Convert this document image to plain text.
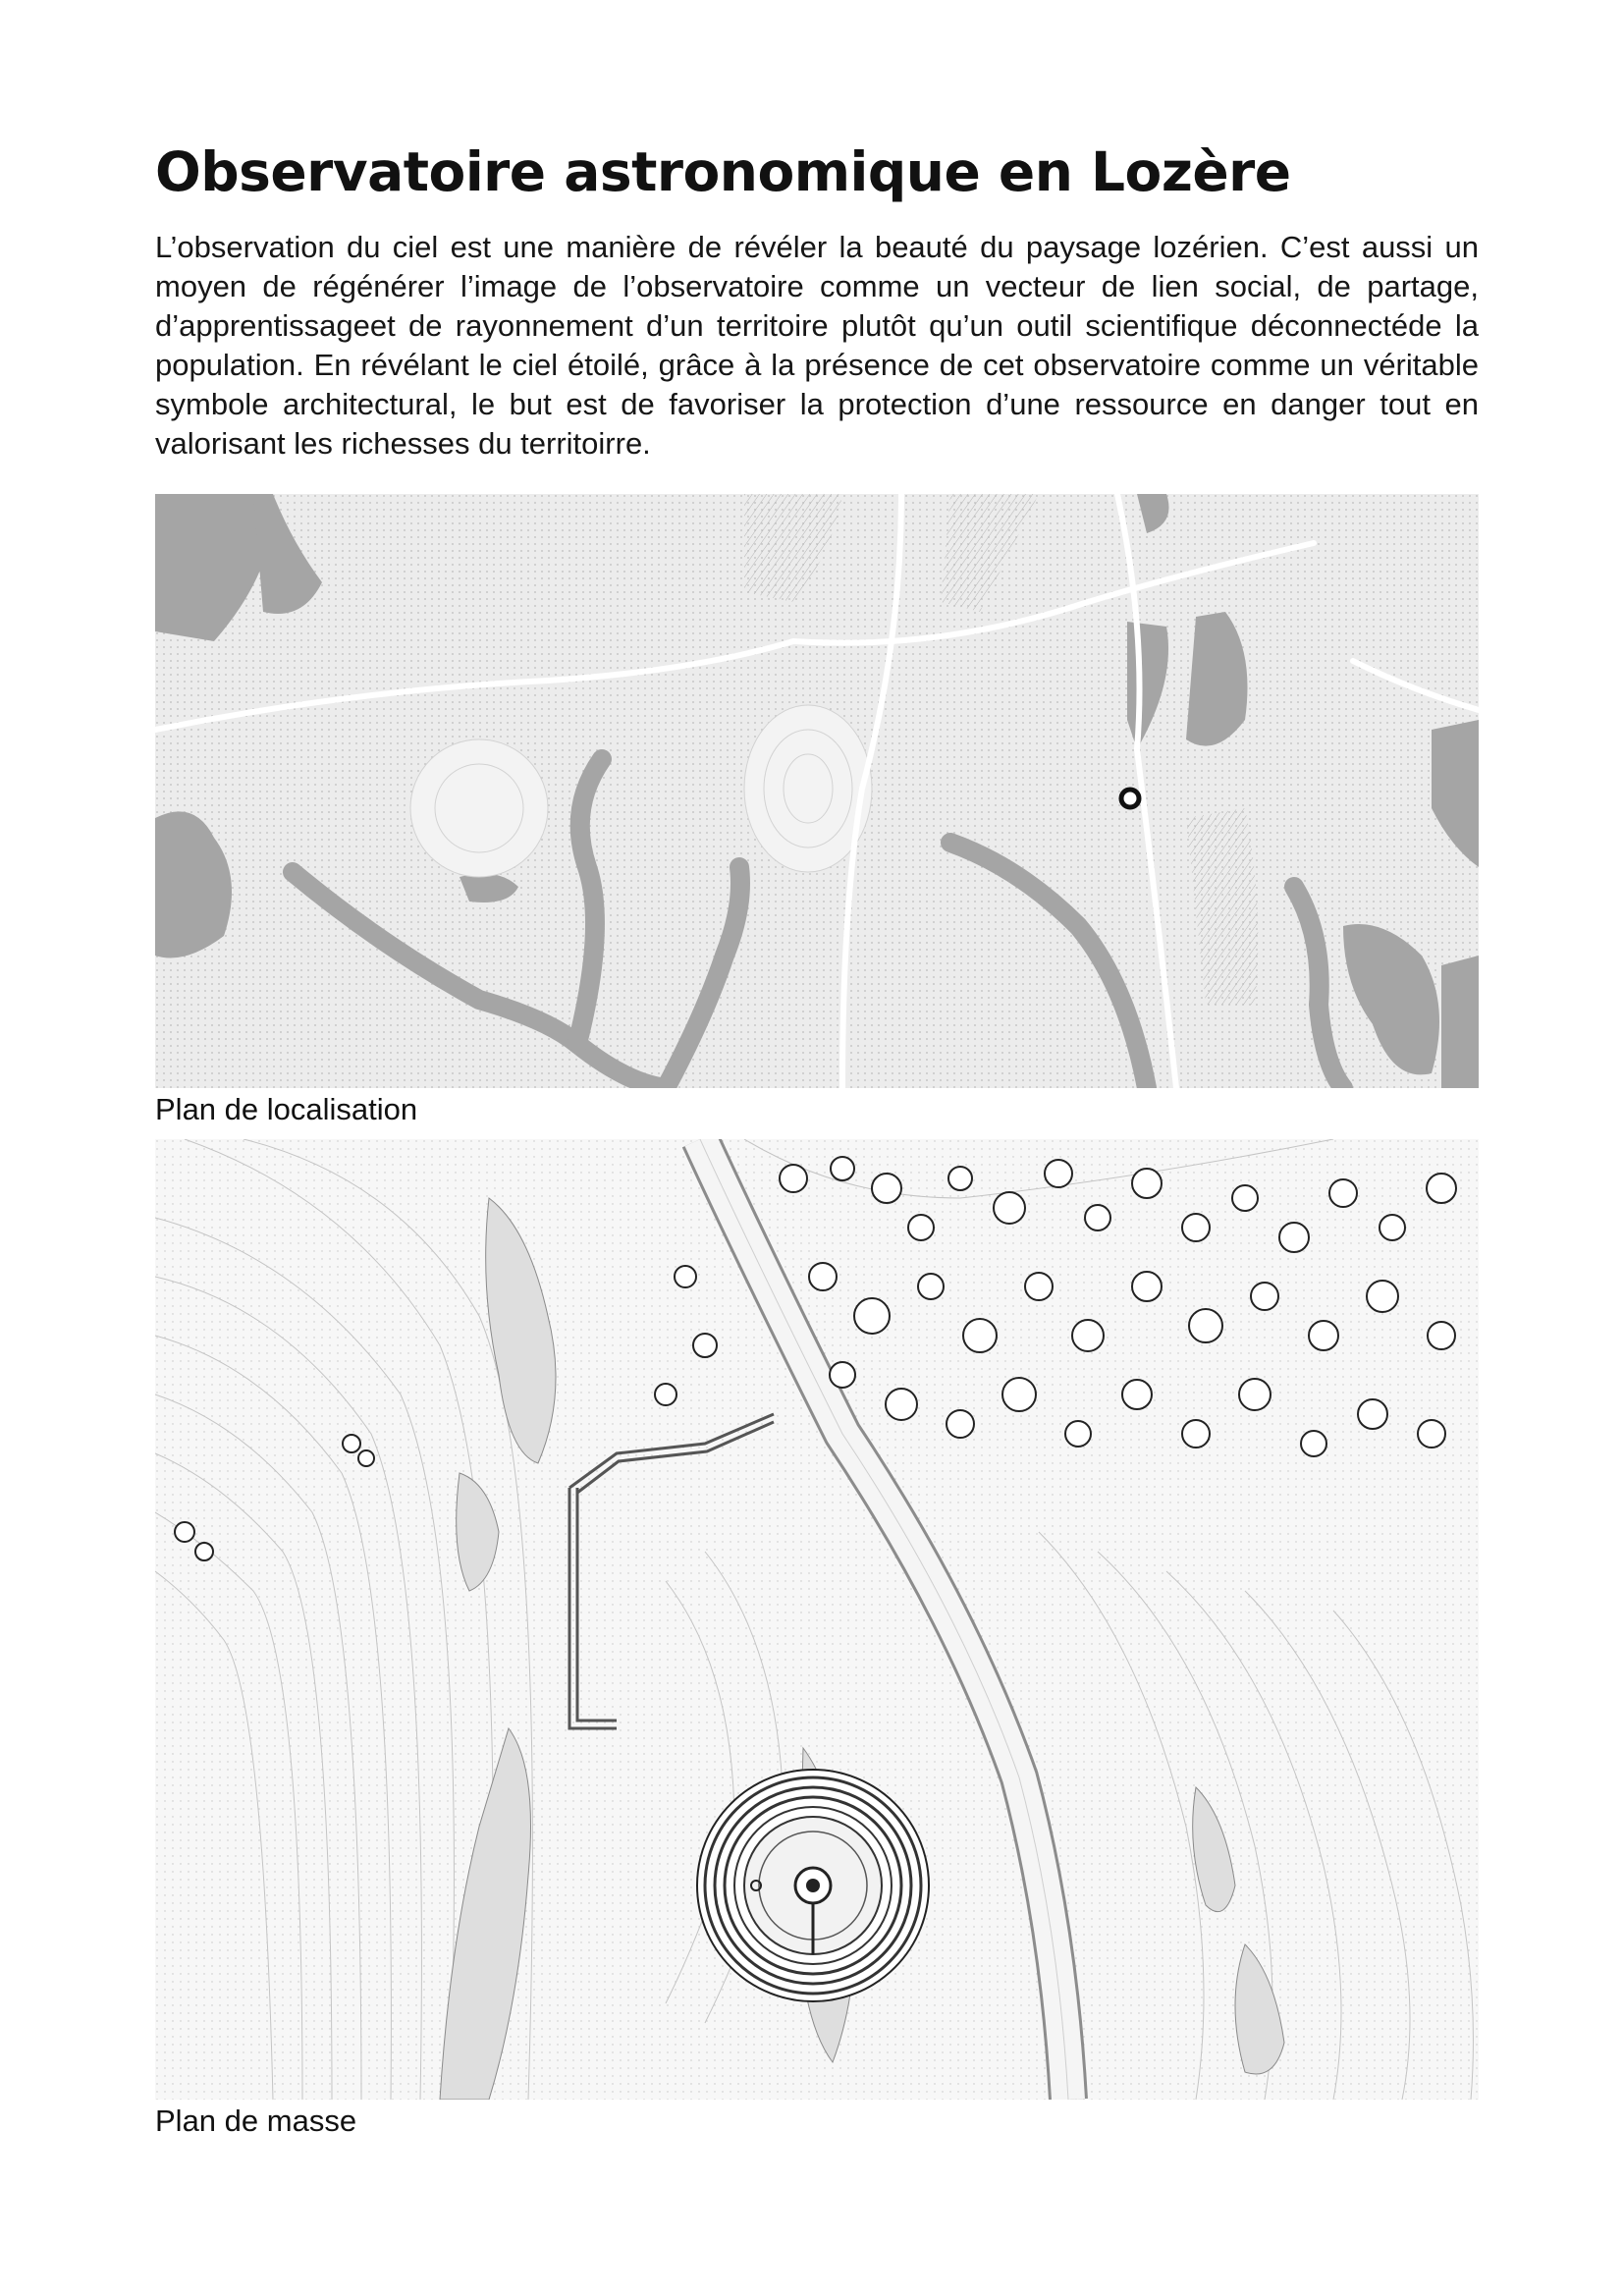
Observatoire astronomique en Lozère

L’observation du ciel est une manière de révéler la beauté du paysage lozérien. C’est aussi un moyen de régénérer l’image de l’observatoire comme un vecteur de lien social, de partage, d’apprentissageet de rayonnement d’un territoire plutôt qu’un outil scientifique déconnectéde la population. En révélant le ciel étoilé, grâce à la présence de cet observatoire comme un véritable symbole architectural, le but est de favoriser la protection d’une ressource en danger tout en valorisant les richesses du territoirre.

Plan de localisation

Plan de masse
